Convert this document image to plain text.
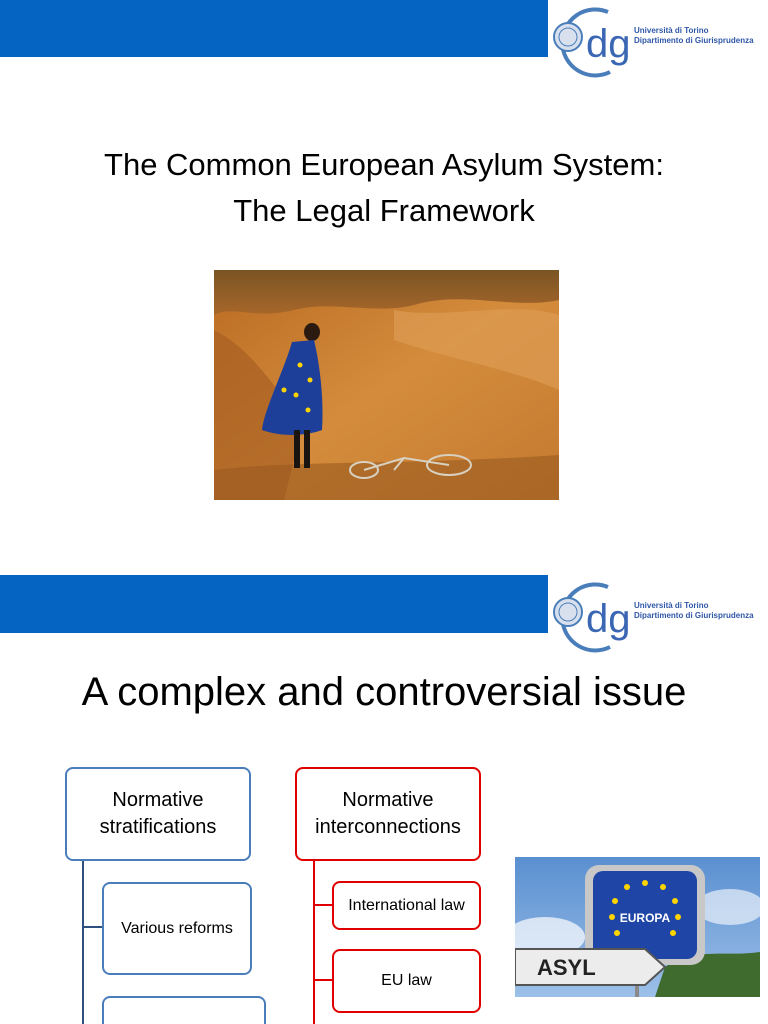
dg Università di Torino
Dipartimento di Giurisprudenza
The Common European Asylum System:
The Legal Framework
dg Università di Torino
Dipartimento di Giurisprudenza
A complex and controversial issue
Normative
stratifications
Various reforms
Normative
interconnections
International law
EU law
EUROPA
ASYL
